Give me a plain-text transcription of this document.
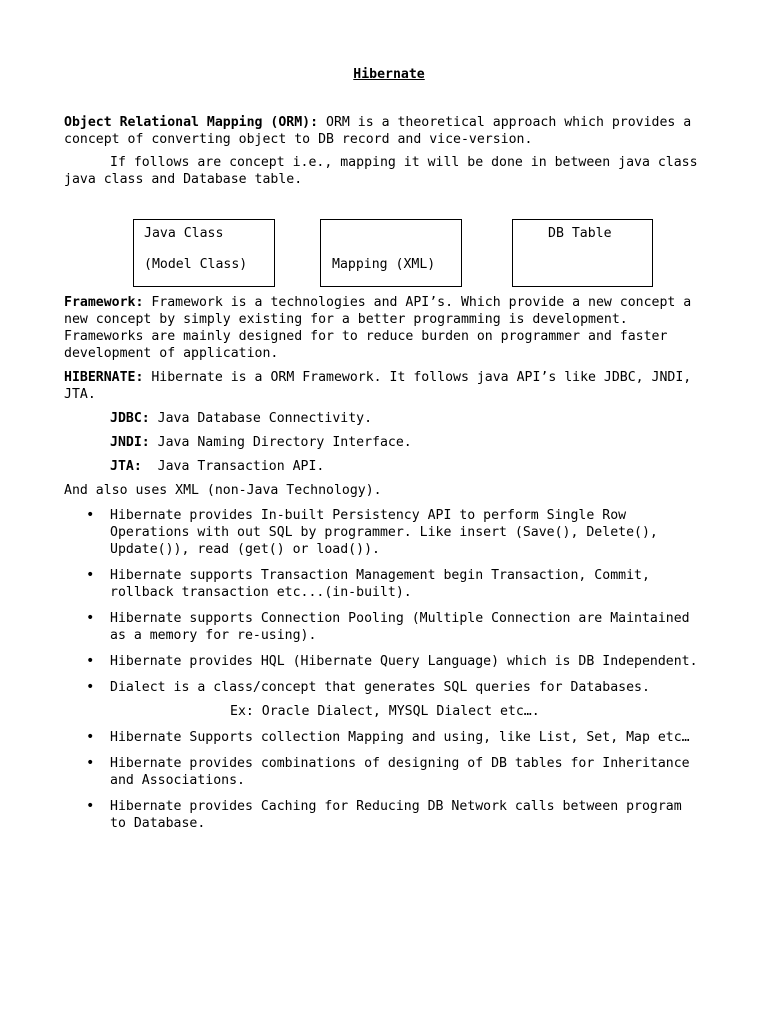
Hibernate

Object Relational Mapping (ORM): ORM is a theoretical approach which provides a concept of converting object to DB record and vice-version.

If follows are concept i.e., mapping it will be done in between java class java class and Database table.

Java Class
(Model Class)	Mapping (XML)
DB Table

Framework: Framework is a technologies and API’s. Which provide a new concept a new concept by simply existing for a better programming is development. Frameworks are mainly designed for to reduce burden on programmer and faster development of application.

HIBERNATE: Hibernate is a ORM Framework. It follows java API’s like JDBC, JNDI, JTA.

JDBC: Java Database Connectivity.

JNDI: Java Naming Directory Interface.

JTA:  Java Transaction API.

And also uses XML (non-Java Technology).

• Hibernate provides In-built Persistency API to perform Single Row Operations with out SQL by programmer. Like insert (Save(), Delete(), Update()), read (get() or load()).
• Hibernate supports Transaction Management begin Transaction, Commit, rollback transaction etc...(in-built).
• Hibernate supports Connection Pooling (Multiple Connection are Maintained as a memory for re-using).
• Hibernate provides HQL (Hibernate Query Language) which is DB Independent.
• Dialect is a class/concept that generates SQL queries for Databases.

Ex: Oracle Dialect, MYSQL Dialect etc….

• Hibernate Supports collection Mapping and using, like List, Set, Map etc…
• Hibernate provides combinations of designing of DB tables for Inheritance and Associations.
• Hibernate provides Caching for Reducing DB Network calls between program to Database.
